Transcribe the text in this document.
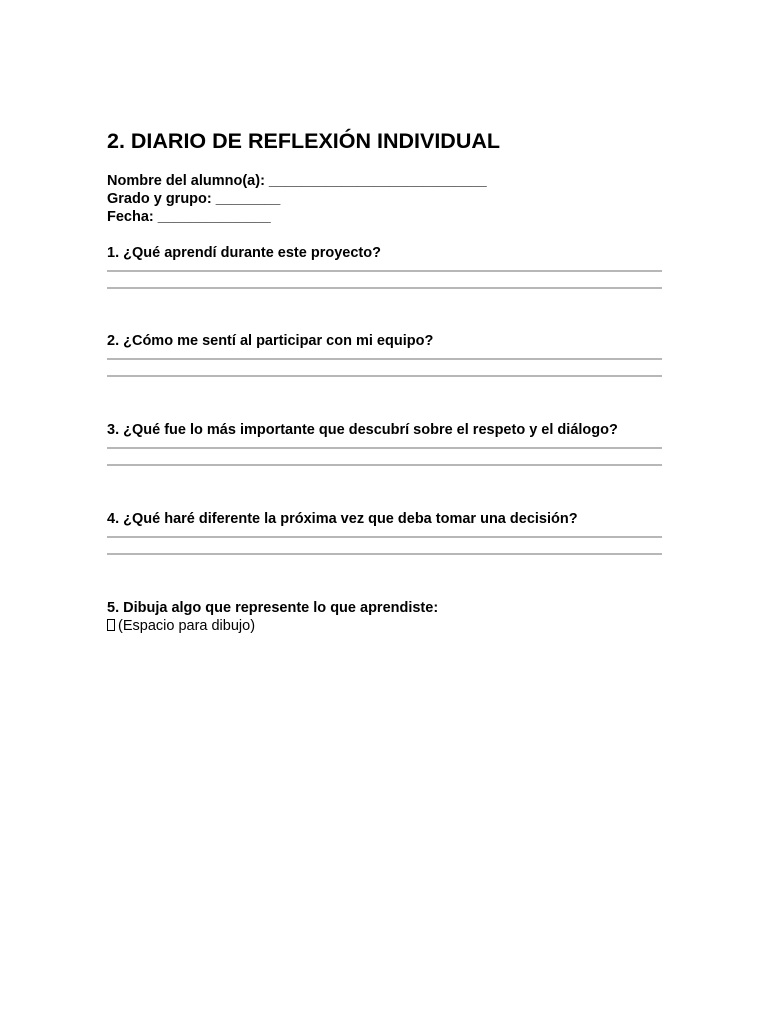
2. DIARIO DE REFLEXIÓN INDIVIDUAL
Nombre del alumno(a): ___________________________
Grado y grupo: ________
Fecha: ______________
1. ¿Qué aprendí durante este proyecto?
2. ¿Cómo me sentí al participar con mi equipo?
3. ¿Qué fue lo más importante que descubrí sobre el respeto y el diálogo?
4. ¿Qué haré diferente la próxima vez que deba tomar una decisión?
5. Dibuja algo que represente lo que aprendiste:
(Espacio para dibujo)
